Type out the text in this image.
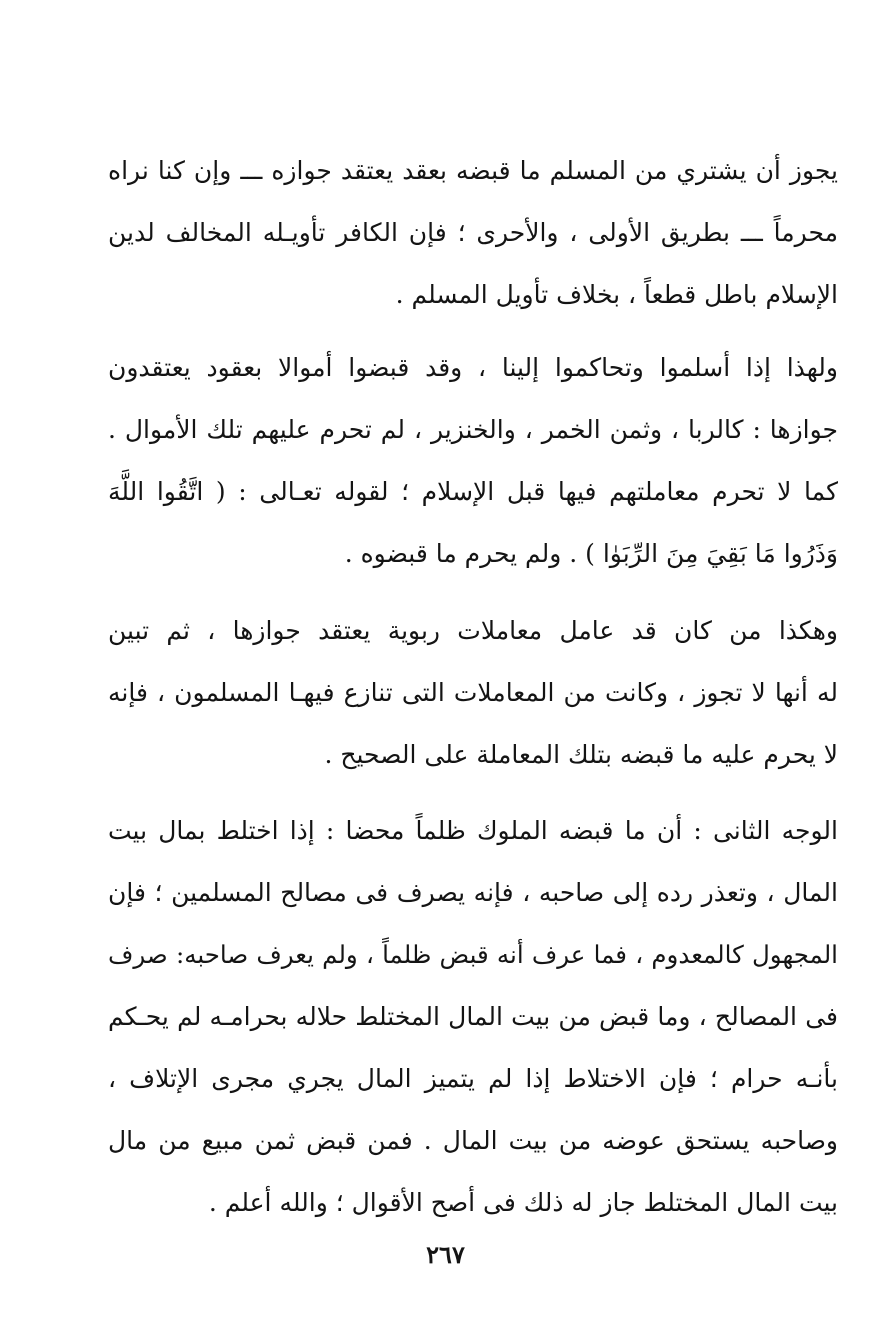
يجوز أن يشتري من المسلم ما قبضه بعقد يعتقد جوازه ـــ وإن كنا نراه
محرماً ـــ بطريق الأولى ، والأحرى ؛ فإن الكافر تأويـله المخالف لدين
الإسلام باطل قطعاً ، بخلاف تأويل المسلم .
ولهذا إذا أسلموا وتحاكموا إلينا ، وقد قبضوا أموالا بعقود يعتقدون
جوازها : كالربا ، وثمن الخمر ، والخنزير ، لم تحرم عليهم تلك الأموال .
كما لا تحرم معاملتهم فيها قبل الإسلام ؛ لقوله تعـالى : ( اتَّقُوا اللَّهَ
وَذَرُوا مَا بَقِيَ مِنَ الرِّبَوٰا ) . ولم يحرم ما قبضوه .
وهكذا من كان قد عامل معاملات ربوية يعتقد جوازها ، ثم تبين
له أنها لا تجوز ، وكانت من المعاملات التى تنازع فيهـا المسلمون ، فإنه
لا يحرم عليه ما قبضه بتلك المعاملة على الصحيح .
الوجه الثانى : أن ما قبضه الملوك ظلماً محضا : إذا اختلط بمال بيت
المال ، وتعذر رده إلى صاحبه ، فإنه يصرف فى مصالح المسلمين ؛ فإن
المجهول كالمعدوم ، فما عرف أنه قبض ظلماً ، ولم يعرف صاحبه: صرف
فى المصالح ، وما قبض من بيت المال المختلط حلاله بحرامـه لم يحـكم
بأنـه حرام ؛ فإن الاختلاط إذا لم يتميز المال يجري مجرى الإتلاف ،
وصاحبه يستحق عوضه من بيت المال . فمن قبض ثمن مبيع من مال
بيت المال المختلط جاز له ذلك فى أصح الأقوال ؛ والله أعلم .
٢٦٧
